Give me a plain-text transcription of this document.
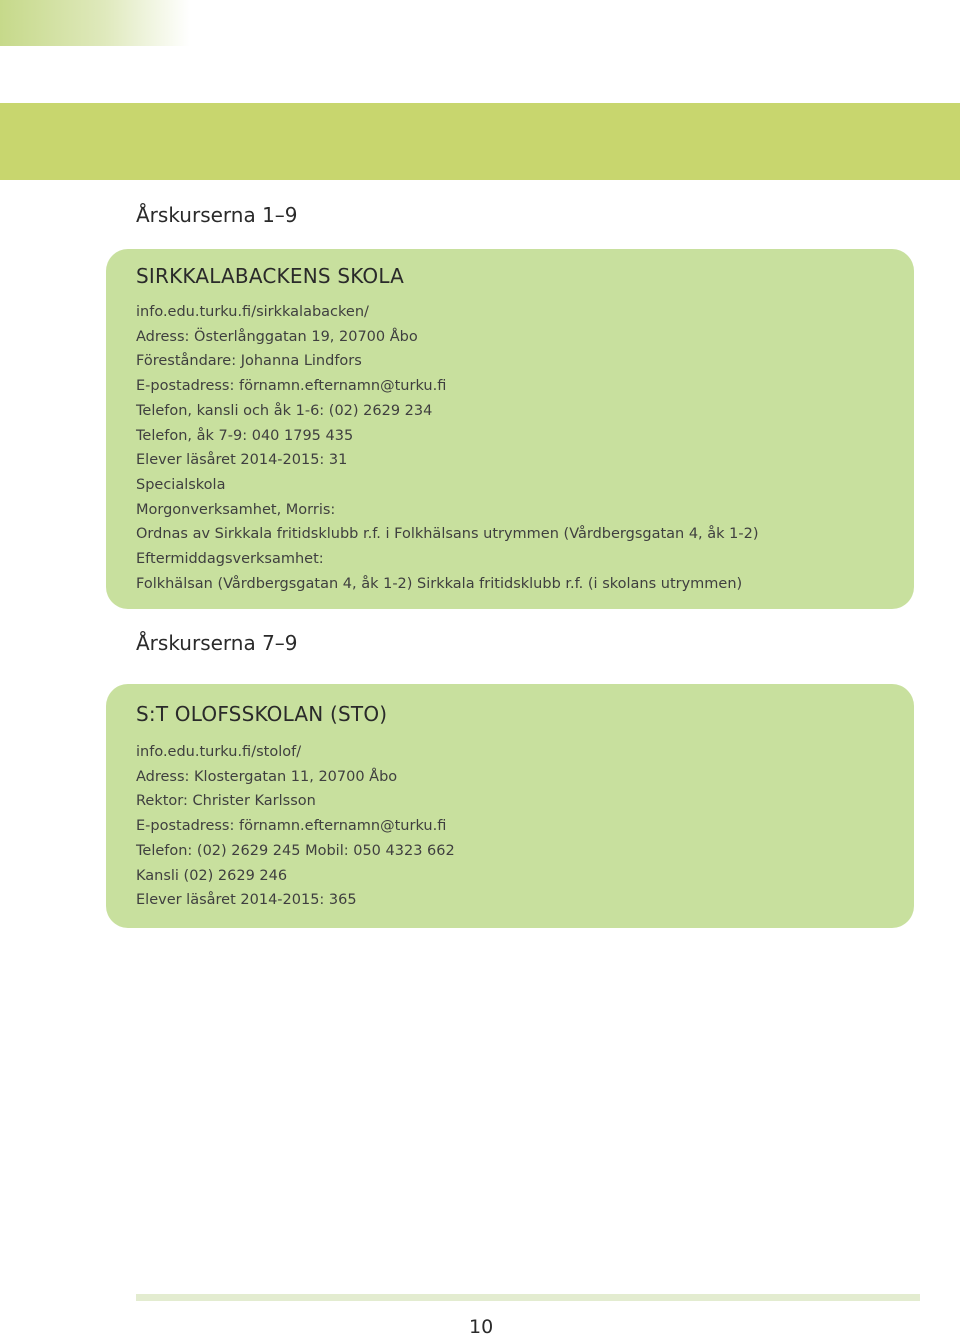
Årskurserna 1–9
SIRKKALABACKENS SKOLA
info.edu.turku.fi/sirkkalabacken/
Adress: Österlånggatan 19, 20700 Åbo
Föreståndare: Johanna Lindfors
E-postadress: förnamn.efternamn@turku.fi
Telefon, kansli och åk 1-6: (02) 2629 234
Telefon, åk 7-9: 040 1795 435
Elever läsåret 2014-2015: 31
Specialskola
Morgonverksamhet, Morris:
Ordnas av Sirkkala fritidsklubb r.f. i Folkhälsans utrymmen (Vårdbergsgatan 4, åk 1-2)
Eftermiddagsverksamhet:
Folkhälsan (Vårdbergsgatan 4, åk 1-2) Sirkkala fritidsklubb r.f. (i skolans utrymmen)
Årskurserna 7–9
S:T OLOFSSKOLAN (STO)
info.edu.turku.fi/stolof/
Adress: Klostergatan 11, 20700 Åbo
Rektor: Christer Karlsson
E-postadress: förnamn.efternamn@turku.fi
Telefon: (02) 2629 245 Mobil: 050 4323 662
Kansli (02) 2629 246
Elever läsåret 2014-2015: 365
10
